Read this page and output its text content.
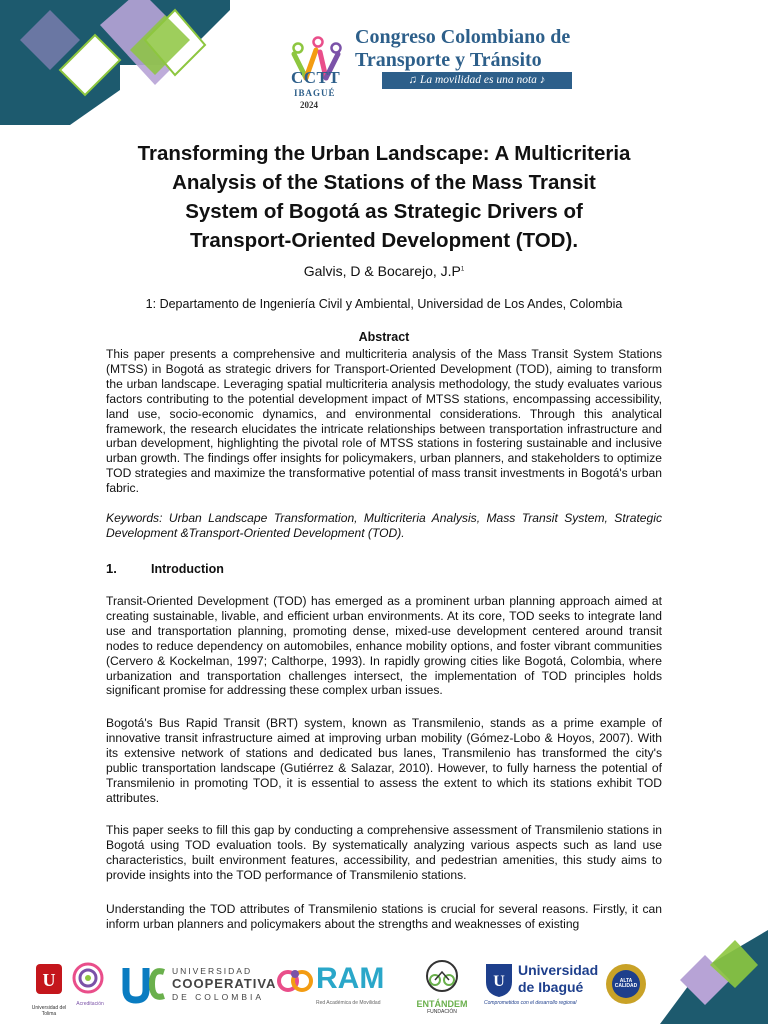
CCTT

IBAGUÉ
2024
Congreso Colombiano de
Transporte y Tránsito
♫ La movilidad es una nota ♪
Transforming the Urban Landscape: A Multicriteria
Analysis of the Stations of the Mass Transit
System of Bogotá as Strategic Drivers of
Transport-Oriented Development (TOD).
Galvis, D & Bocarejo, $J.P^1$
1: Departamento de Ingeniería Civil y Ambiental, Universidad de Los Andes, Colombia
Abstract

This paper presents a comprehensive and multicriteria analysis of the Mass Transit System Stations (MTSS) in Bogotá as strategic drivers for Transport-Oriented Development (TOD), aiming to transform the urban landscape. Leveraging spatial multicriteria analysis methodology, the study evaluates various factors contributing to the potential development impact of MTSS stations, encompassing accessibility, land use, socio-economic dynamics, and environmental considerations. Through this analytical framework, the research elucidates the intricate relationships between transportation infrastructure and urban development, highlighting the pivotal role of MTSS stations in fostering sustainable and inclusive urban growth. The findings offer insights for policymakers, urban planners, and stakeholders to optimize TOD strategies and maximize the transformative potential of mass transit investments in Bogotá's urban fabric.

Keywords: Urban Landscape Transformation, Multicriteria Analysis, Mass Transit System, Strategic Development &Transport-Oriented Development (TOD).

1.	Introduction

Transit-Oriented Development (TOD) has emerged as a prominent urban planning approach aimed at creating sustainable, livable, and efficient urban environments. At its core, TOD seeks to integrate land use and transportation planning, promoting dense, mixed-use development centered around transit nodes to reduce dependency on automobiles, enhance mobility options, and foster vibrant communities (Cervero & Kockelman, 1997; Calthorpe, 1993). In rapidly growing cities like Bogotá, Colombia, where urbanization and transportation challenges intersect, the implementation of TOD principles holds significant promise for addressing these complex urban issues.

Bogotá's Bus Rapid Transit (BRT) system, known as Transmilenio, stands as a prime example of innovative transit infrastructure aimed at improving urban mobility (Gómez-Lobo & Hoyos, 2007). With its extensive network of stations and dedicated bus lanes, Transmilenio has transformed the city's public transportation landscape (Gutiérrez & Salazar, 2010). However, to fully harness the potential of Transmilenio in promoting TOD, it is essential to assess the extent to which its stations exhibit TOD attributes.

This paper seeks to fill this gap by conducting a comprehensive assessment of Transmilenio stations in Bogotá using TOD evaluation tools. By systematically analyzing various aspects such as land use characteristics, built environment features, accessibility, and pedestrian amenities, this study aims to provide insights into the TOD performance of Transmilenio stations.

Understanding the TOD attributes of Transmilenio stations is crucial for several reasons. Firstly, it can inform urban planners and policymakers about the strengths and weaknesses of existing

U
Universidad del Tolima
Acreditación
UNIVERSIDAD
COOPERATIVA
DE COLOMBIA
RAM
Red Académica de Movilidad	ENTÁNDEM
FUNDACIÓN
U
Universidad
de Ibagué
Comprometidos con el desarrollo regional
ALTA CALIDAD
